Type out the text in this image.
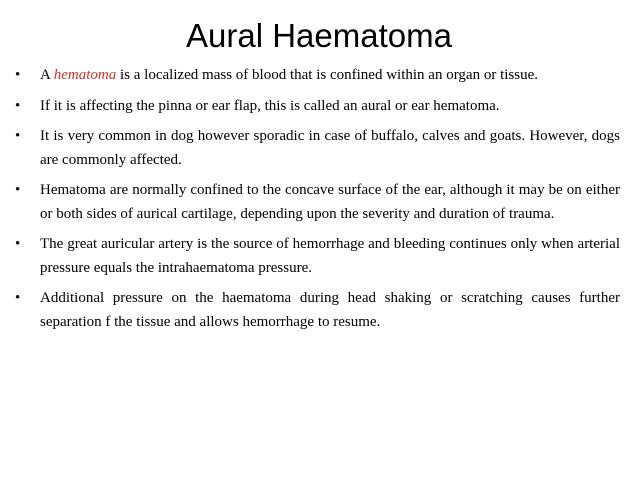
Aural Haematoma
• A hematoma is a localized mass of blood that is confined within an organ or tissue.
• If it is affecting the pinna or ear flap, this is called an aural or ear hematoma.
• It is very common in dog however sporadic in case of buffalo, calves and goats. However, dogs are commonly affected.
• Hematoma are normally confined to the concave surface of the ear, although it may be on either or both sides of aurical cartilage, depending upon the severity and duration of trauma.
• The great auricular artery is the source of hemorrhage and bleeding continues only when arterial pressure equals the intrahaematoma pressure.
• Additional pressure on the haematoma during head shaking or scratching causes further separation f the tissue and allows hemorrhage to resume.
